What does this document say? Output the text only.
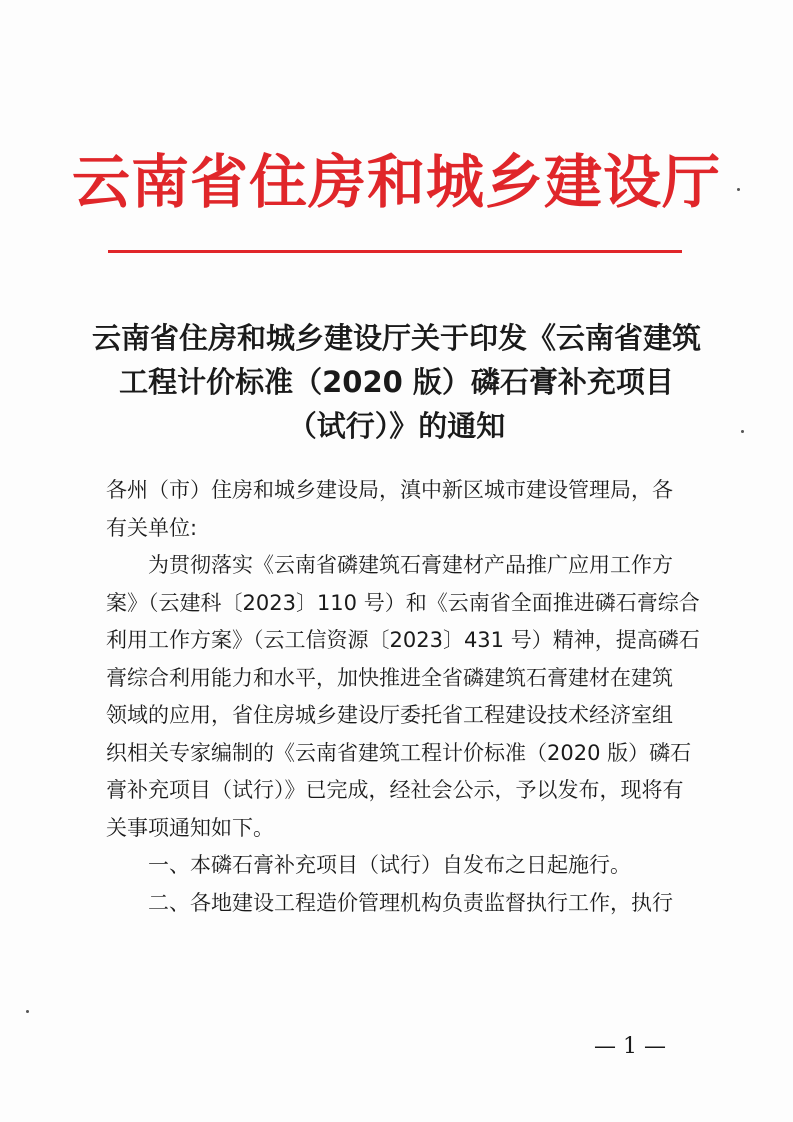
云南省住房和城乡建设厅
云南省住房和城乡建设厅关于印发《云南省建筑
工程计价标准（2020 版）磷石膏补充项目
（试行）》的通知
各州（市）住房和城乡建设局，滇中新区城市建设管理局，各
有关单位:
为贯彻落实《云南省磷建筑石膏建材产品推广应用工作方
案》（云建科〔2023〕110 号）和《云南省全面推进磷石膏综合
利用工作方案》（云工信资源〔2023〕431 号）精神，提高磷石
膏综合利用能力和水平，加快推进全省磷建筑石膏建材在建筑
领域的应用，省住房城乡建设厅委托省工程建设技术经济室组
织相关专家编制的《云南省建筑工程计价标准（2020 版）磷石
膏补充项目（试行）》已完成，经社会公示，予以发布，现将有
关事项通知如下。
一、本磷石膏补充项目（试行）自发布之日起施行。
二、各地建设工程造价管理机构负责监督执行工作，执行
— 1 —
